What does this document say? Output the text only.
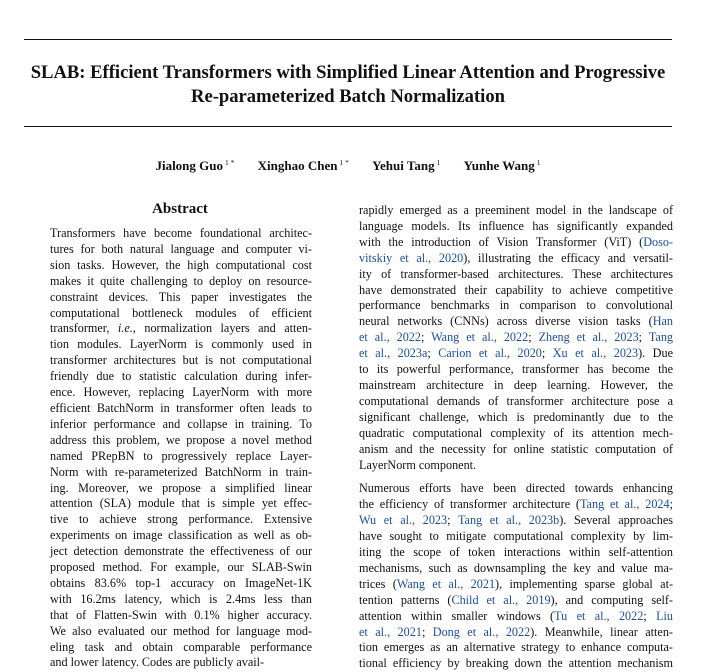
SLAB: Efficient Transformers with Simplified Linear Attention and Progressive
Re-parameterized Batch Normalization
Jialong Guo $^{1 *}$ Xinghao Chen $^{1 *}$ Yehui Tang $^1$ Yunhe Wang $^1$
Abstract
Transformers have become foundational architec-
tures for both natural language and computer vi-
sion tasks. However, the high computational cost
makes it quite challenging to deploy on resource-
constraint devices. This paper investigates the
computational bottleneck modules of efficient
transformer, i.e., normalization layers and atten-
tion modules. LayerNorm is commonly used in
transformer architectures but is not computational
friendly due to statistic calculation during infer-
ence. However, replacing LayerNorm with more
efficient BatchNorm in transformer often leads to
inferior performance and collapse in training. To
address this problem, we propose a novel method
named PRepBN to progressively replace Layer-
Norm with re-parameterized BatchNorm in train-
ing. Moreover, we propose a simplified linear
attention (SLA) module that is simple yet effec-
tive to achieve strong performance. Extensive
experiments on image classification as well as ob-
ject detection demonstrate the effectiveness of our
proposed method. For example, our SLAB-Swin
obtains 83.6% top-1 accuracy on ImageNet-1K
with 16.2ms latency, which is 2.4ms less than
that of Flatten-Swin with 0.1% higher accuracy.
We also evaluated our method for language mod-
eling task and obtain comparable performance
and lower latency. Codes are publicly avail-

rapidly emerged as a preeminent model in the landscape of
language models. Its influence has significantly expanded
with the introduction of Vision Transformer (ViT) (Doso-
vitskiy et al., 2020), illustrating the efficacy and versatil-
ity of transformer-based architectures. These architectures
have demonstrated their capability to achieve competitive
performance benchmarks in comparison to convolutional
neural networks (CNNs) across diverse vision tasks (Han
et al., 2022; Wang et al., 2022; Zheng et al., 2023; Tang
et al., 2023a; Carion et al., 2020; Xu et al., 2023). Due
to its powerful performance, transformer has become the
mainstream architecture in deep learning. However, the
computational demands of transformer architecture pose a
significant challenge, which is predominantly due to the
quadratic computational complexity of its attention mech-
anism and the necessity for online statistic computation of
LayerNorm component.

Numerous efforts have been directed towards enhancing
the efficiency of transformer architecture (Tang et al., 2024;
Wu et al., 2023; Tang et al., 2023b). Several approaches
have sought to mitigate computational complexity by lim-
iting the scope of token interactions within self-attention
mechanisms, such as downsampling the key and value ma-
trices (Wang et al., 2021), implementing sparse global at-
tention patterns (Child et al., 2019), and computing self-
attention within smaller windows (Tu et al., 2022; Liu
et al., 2021; Dong et al., 2022). Meanwhile, linear atten-
tion emerges as an alternative strategy to enhance computa-
tional efficiency by breaking down the attention mechanism
